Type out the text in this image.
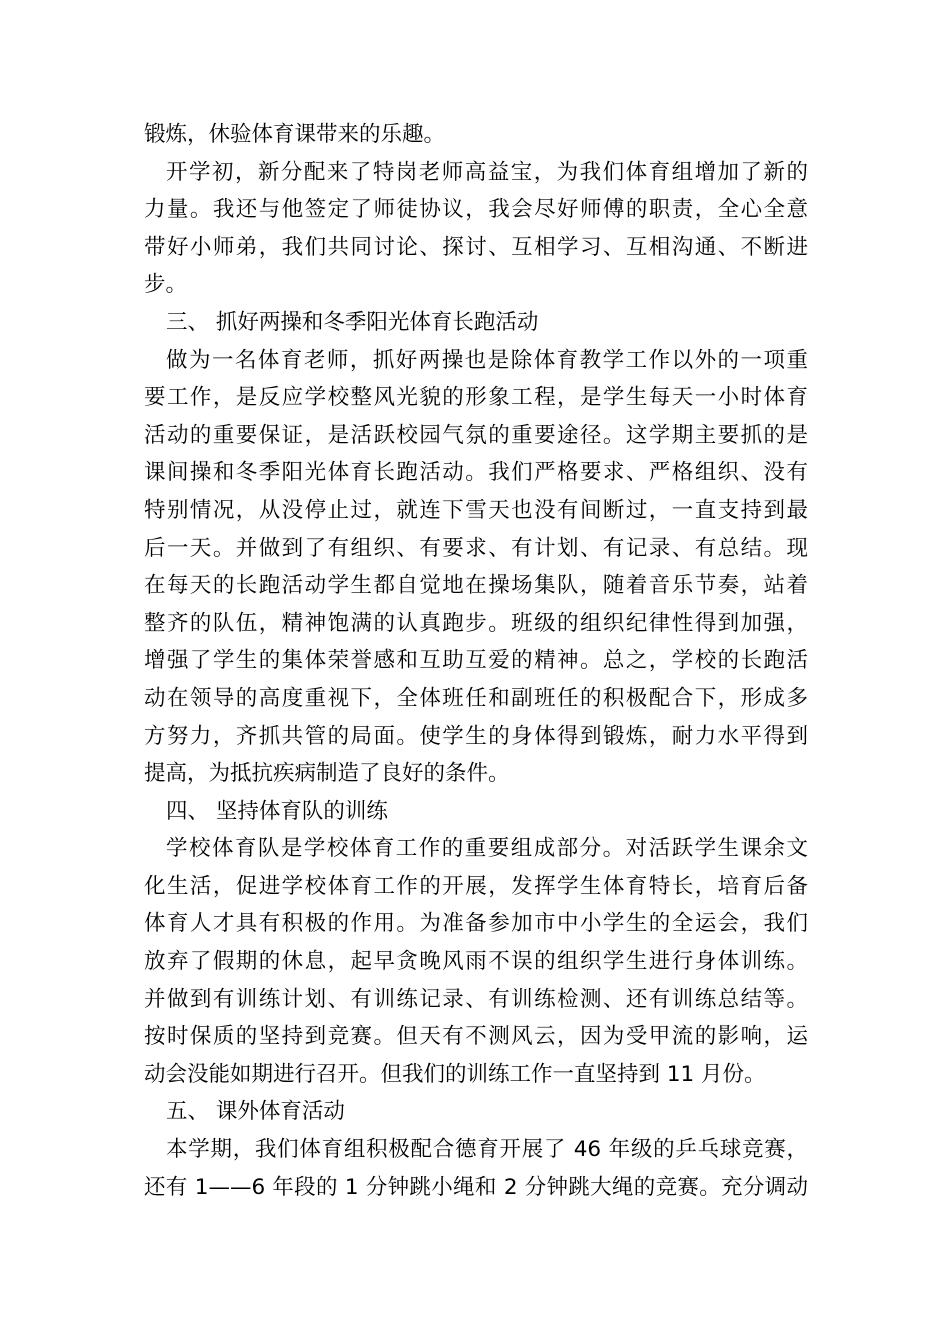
锻炼，休验体育课带来的乐趣。
开学初，新分配来了特岗老师高益宝，为我们体育组增加了新的
力量。我还与他签定了师徒协议，我会尽好师傅的职责，全心全意
带好小师弟，我们共同讨论、探讨、互相学习、互相沟通、不断进
步。
三、 抓好两操和冬季阳光体育长跑活动
做为一名体育老师，抓好两操也是除体育教学工作以外的一项重
要工作，是反应学校整风光貌的形象工程，是学生每天一小时体育
活动的重要保证，是活跃校园气氛的重要途径。这学期主要抓的是
课间操和冬季阳光体育长跑活动。我们严格要求、严格组织、没有
特别情况，从没停止过，就连下雪天也没有间断过，一直支持到最
后一天。并做到了有组织、有要求、有计划、有记录、有总结。现
在每天的长跑活动学生都自觉地在操场集队，随着音乐节奏，站着
整齐的队伍，精神饱满的认真跑步。班级的组织纪律性得到加强，
增强了学生的集体荣誉感和互助互爱的精神。总之，学校的长跑活
动在领导的高度重视下，全体班任和副班任的积极配合下，形成多
方努力，齐抓共管的局面。使学生的身体得到锻炼，耐力水平得到
提高，为抵抗疾病制造了良好的条件。
四、 坚持体育队的训练
学校体育队是学校体育工作的重要组成部分。对活跃学生课余文
化生活，促进学校体育工作的开展，发挥学生体育特长，培育后备
体育人才具有积极的作用。为准备参加市中小学生的全运会，我们
放弃了假期的休息，起早贪晚风雨不误的组织学生进行身体训练。
并做到有训练计划、有训练记录、有训练检测、还有训练总结等。
按时保质的坚持到竞赛。但天有不测风云，因为受甲流的影响，运
动会没能如期进行召开。但我们的训练工作一直坚持到 11 月份。
五、 课外体育活动
本学期，我们体育组积极配合德育开展了 46 年级的乒乓球竞赛，
还有 1——6 年段的 1 分钟跳小绳和 2 分钟跳大绳的竞赛。充分调动
